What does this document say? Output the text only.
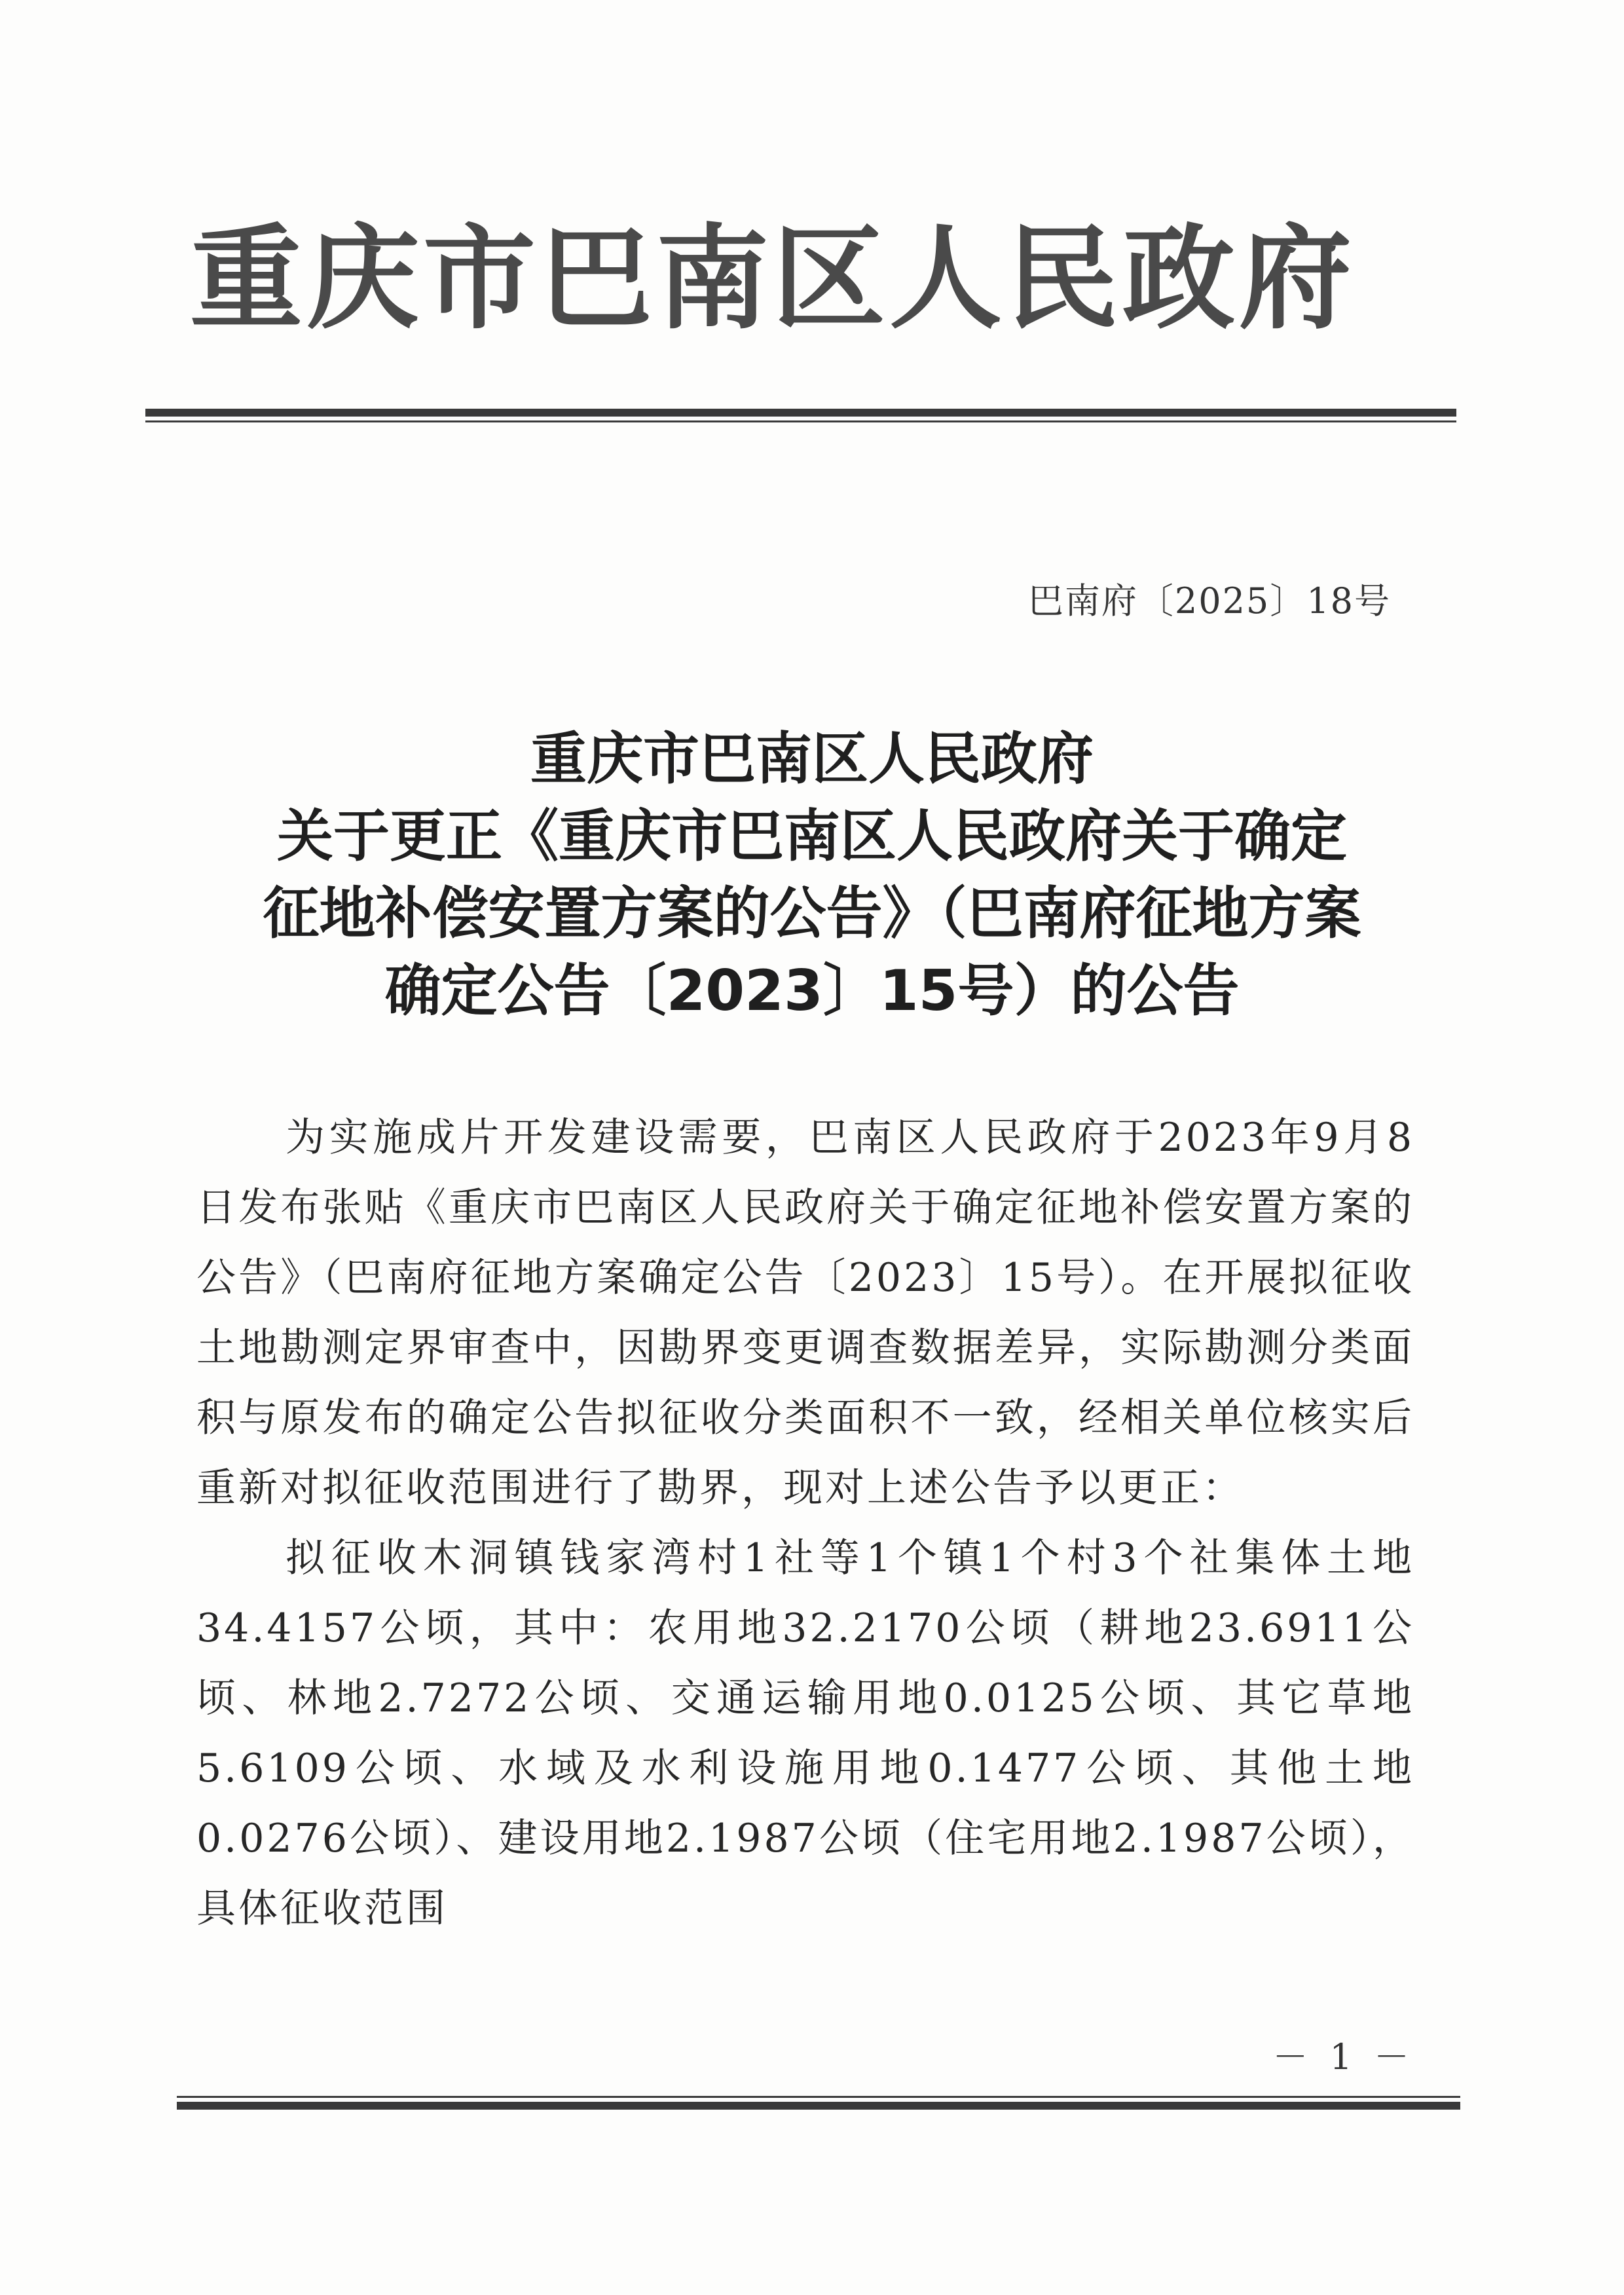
重庆市巴南区人民政府
巴南府〔2025〕18号
重庆市巴南区人民政府
关于更正《重庆市巴南区人民政府关于确定
征地补偿安置方案的公告》（巴南府征地方案
确定公告〔2023〕15号）的公告

为实施成片开发建设需要，巴南区人民政府于2023年9月8日发布张贴《重庆市巴南区人民政府关于确定征地补偿安置方案的公告》（巴南府征地方案确定公告〔2023〕15号）。在开展拟征收土地勘测定界审查中，因勘界变更调查数据差异，实际勘测分类面积与原发布的确定公告拟征收分类面积不一致，经相关单位核实后重新对拟征收范围进行了勘界，现对上述公告予以更正：

拟征收木洞镇钱家湾村1社等1个镇1个村3个社集体土地34.4157公顷，其中：农用地32.2170公顷（耕地23.6911公顷、林地2.7272公顷、交通运输用地0.0125公顷、其它草地5.6109公顷、水域及水利设施用地0.1477公顷、其他土地0.0276公顷）、建设用地2.1987公顷（住宅用地2.1987公顷），具体征收范围

－ 1 －
